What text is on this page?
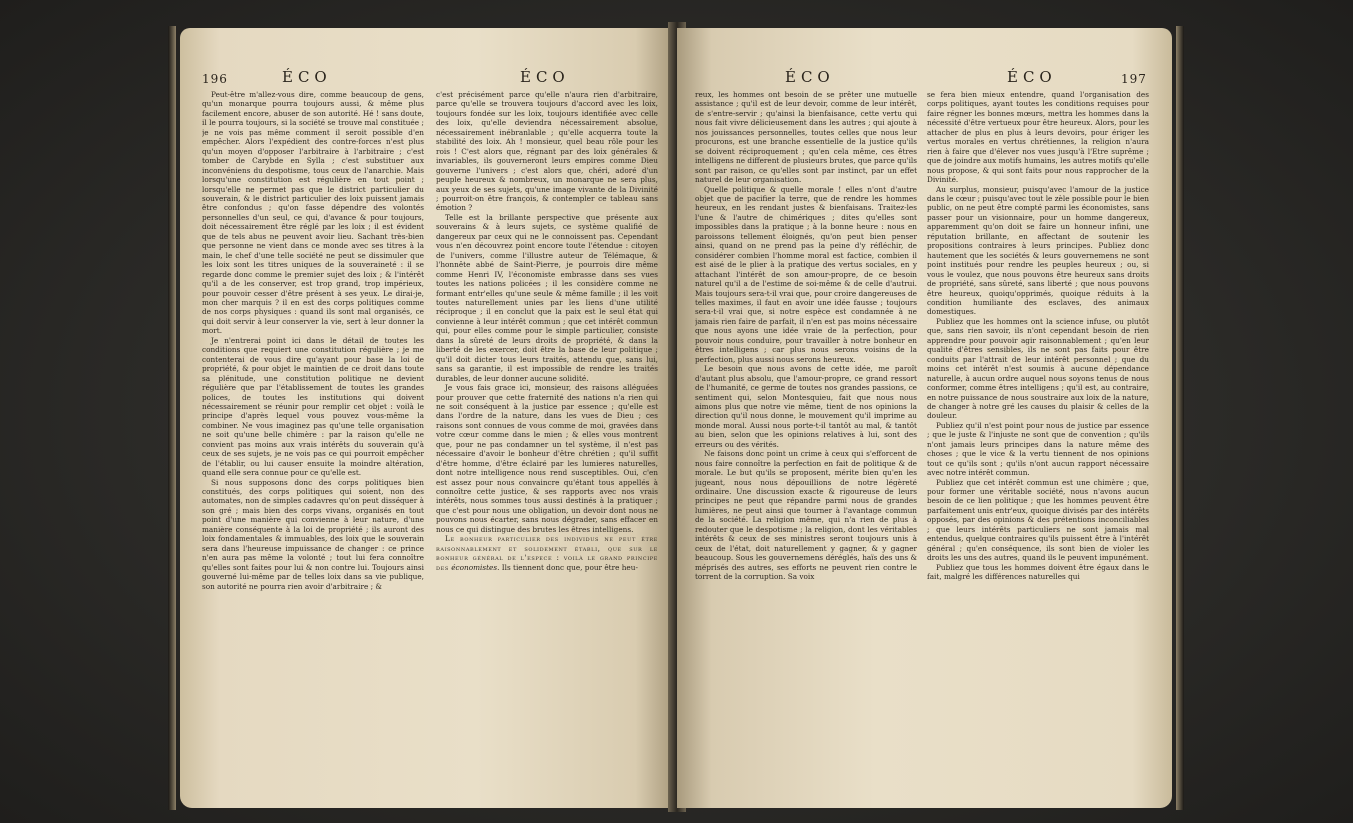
196	ÉCO	ÉCO

Peut-être m'allez-vous dire, comme beaucoup de gens, qu'un monarque pourra toujours aussi, & même plus facilement encore, abuser de son autorité. Hé ! sans doute, il le pourra toujours, si la société se trouve mal constituée ; je ne vois pas même comment il seroit possible d'en empêcher. Alors l'expédient des contre-forces n'est plus qu'un moyen d'opposer l'arbitraire à l'arbitraire ; c'est tomber de Carybde en Sylla ; c'est substituer aux inconvéniens du despotisme, tous ceux de l'anarchie. Mais lorsqu'une constitution est régulière en tout point ; lorsqu'elle ne permet pas que le district particulier du souverain, & le district particulier des loix puissent jamais être confondus ; qu'on fasse dépendre des volontés personnelles d'un seul, ce qui, d'avance & pour toujours, doit nécessairement être réglé par les loix ; il est évident que de tels abus ne peuvent avoir lieu. Sachant très-bien que personne ne vient dans ce monde avec ses titres à la main, le chef d'une telle société ne peut se dissimuler que les loix sont les titres uniques de la souveraineté : il se regarde donc comme le premier sujet des loix ; & l'intérêt qu'il a de les conserver, est trop grand, trop impérieux, pour pouvoir cesser d'être présent à ses yeux. Le dirai-je, mon cher marquis ? il en est des corps politiques comme de nos corps physiques : quand ils sont mal organisés, ce qui doit servir à leur conserver la vie, sert à leur donner la mort.

Je n'entrerai point ici dans le détail de toutes les conditions que requiert une constitution régulière ; je me contenterai de vous dire qu'ayant pour base la loi de propriété, & pour objet le maintien de ce droit dans toute sa plénitude, une constitution politique ne devient régulière que par l'établissement de toutes les grandes polices, de toutes les institutions qui doivent nécessairement se réunir pour remplir cet objet : voilà le principe d'après lequel vous pouvez vous-même la combiner. Ne vous imaginez pas qu'une telle organisation ne soit qu'une belle chimère : par la raison qu'elle ne convient pas moins aux vrais intérêts du souverain qu'à ceux de ses sujets, je ne vois pas ce qui pourroit empêcher de l'établir, ou lui causer ensuite la moindre altération, quand elle sera connue pour ce qu'elle est.

Si nous supposons donc des corps politiques bien constitués, des corps politiques qui soient, non des automates, non de simples cadavres qu'on peut disséquer à son gré ; mais bien des corps vivans, organisés en tout point d'une manière qui convienne à leur nature, d'une manière conséquente à la loi de propriété ; ils auront des loix fondamentales & immuables, des loix que le souverain sera dans l'heureuse impuissance de changer : ce prince n'en aura pas même la volonté ; tout lui fera connoître qu'elles sont faites pour lui & non contre lui. Toujours ainsi gouverné lui-même par de telles loix dans sa vie publique, son autorité ne pourra rien avoir d'arbitraire ; &

c'est précisément parce qu'elle n'aura rien d'arbitraire, parce qu'elle se trouvera toujours d'accord avec les loix, toujours fondée sur les loix, toujours identifiée avec celle des loix, qu'elle deviendra nécessairement absolue, nécessairement inébranlable ; qu'elle acquerra toute la stabilité des loix. Ah ! monsieur, quel beau rôle pour les rois ! C'est alors que, régnant par des loix générales & invariables, ils gouverneront leurs empires comme Dieu gouverne l'univers ; c'est alors que, chéri, adoré d'un peuple heureux & nombreux, un monarque ne sera plus, aux yeux de ses sujets, qu'une image vivante de la Divinité ; pourroit-on être françois, & contempler ce tableau sans émotion ?

Telle est la brillante perspective que présente aux souverains & à leurs sujets, ce système qualifié de dangereux par ceux qui ne le connoissent pas. Cependant vous n'en découvrez point encore toute l'étendue : citoyen de l'univers, comme l'illustre auteur de Télémaque, & l'honnête abbé de Saint-Pierre, je pourrois dire même comme Henri IV, l'économiste embrasse dans ses vues toutes les nations policées ; il les considère comme ne formant entr'elles qu'une seule & même famille ; il les voit toutes naturellement unies par les liens d'une utilité réciproque ; il en conclut que la paix est le seul état qui convienne à leur intérêt commun ; que cet intérêt commun qui, pour elles comme pour le simple particulier, consiste dans la sûreté de leurs droits de propriété, & dans la liberté de les exercer, doit être la base de leur politique ; qu'il doit dicter tous leurs traités, attendu que, sans lui, sans sa garantie, il est impossible de rendre les traités durables, de leur donner aucune solidité.

Je vous fais grace ici, monsieur, des raisons alléguées pour prouver que cette fraternité des nations n'a rien qui ne soit conséquent à la justice par essence ; qu'elle est dans l'ordre de la nature, dans les vues de Dieu ; ces raisons sont connues de vous comme de moi, gravées dans votre cœur comme dans le mien ; & elles vous montrent que, pour ne pas condamner un tel système, il n'est pas nécessaire d'avoir le bonheur d'être chrétien ; qu'il suffit d'être homme, d'être éclairé par les lumieres naturelles, dont notre intelligence nous rend susceptibles. Oui, c'en est assez pour nous convaincre qu'étant tous appellés à connoître cette justice, & ses rapports avec nos vrais intérêts, nous sommes tous aussi destinés à la pratiquer ; que c'est pour nous une obligation, un devoir dont nous ne pouvons nous écarter, sans nous dégrader, sans effacer en nous ce qui distingue des brutes les êtres intelligens.

Le bonheur particulier des individus ne peut être raisonnablement et solidement établi, que sur le bonheur général de l'espece : voilà le grand principe des économistes. Ils tiennent donc que, pour être heu-

ÉCO	ÉCO	197

reux, les hommes ont besoin de se prêter une mutuelle assistance ; qu'il est de leur devoir, comme de leur intérêt, de s'entre-servir ; qu'ainsi la bienfaisance, cette vertu qui nous fait vivre délicieusement dans les autres ; qui ajoute à nos jouissances personnelles, toutes celles que nous leur procurons, est une branche essentielle de la justice qu'ils se doivent réciproquement ; qu'en cela même, ces êtres intelligens ne different de plusieurs brutes, que parce qu'ils sont par raison, ce qu'elles sont par instinct, par un effet naturel de leur organisation.

Quelle politique & quelle morale ! elles n'ont d'autre objet que de pacifier la terre, que de rendre les hommes heureux, en les rendant justes & bienfaisans. Traitez-les l'une & l'autre de chimériques ; dites qu'elles sont impossibles dans la pratique ; à la bonne heure : nous en paroissons tellement éloignés, qu'on peut bien penser ainsi, quand on ne prend pas la peine d'y réfléchir, de considérer combien l'homme moral est factice, combien il est aisé de le plier à la pratique des vertus sociales, en y attachant l'intérêt de son amour-propre, de ce besoin naturel qu'il a de l'estime de soi-même & de celle d'autrui. Mais toujours sera-t-il vrai que, pour croire dangereuses de telles maximes, il faut en avoir une idée fausse ; toujours sera-t-il vrai que, si notre espèce est condamnée à ne jamais rien faire de parfait, il n'en est pas moins nécessaire que nous ayons une idée vraie de la perfection, pour pouvoir nous conduire, pour travailler à notre bonheur en êtres intelligens ; car plus nous serons voisins de la perfection, plus aussi nous serons heureux.

Le besoin que nous avons de cette idée, me paroît d'autant plus absolu, que l'amour-propre, ce grand ressort de l'humanité, ce germe de toutes nos grandes passions, ce sentiment qui, selon Montesquieu, fait que nous nous aimons plus que notre vie même, tient de nos opinions la direction qu'il nous donne, le mouvement qu'il imprime au monde moral. Aussi nous porte-t-il tantôt au mal, & tantôt au bien, selon que les opinions relatives à lui, sont des erreurs ou des vérités.

Ne faisons donc point un crime à ceux qui s'efforcent de nous faire connoître la perfection en fait de politique & de morale. Le but qu'ils se proposent, mérite bien qu'en les jugeant, nous nous dépouillions de notre légèreté ordinaire. Une discussion exacte & rigoureuse de leurs principes ne peut que répandre parmi nous de grandes lumières, ne peut ainsi que tourner à l'avantage commun de la société. La religion même, qui n'a rien de plus à redouter que le despotisme ; la religion, dont les véritables intérêts & ceux de ses ministres seront toujours unis à ceux de l'état, doit naturellement y gagner, & y gagner beaucoup. Sous les gouvernemens déréglés, haïs des uns & méprisés des autres, ses efforts ne peuvent rien contre le torrent de la corruption. Sa voix

se fera bien mieux entendre, quand l'organisation des corps politiques, ayant toutes les conditions requises pour faire régner les bonnes mœurs, mettra les hommes dans la nécessité d'être vertueux pour être heureux. Alors, pour les attacher de plus en plus à leurs devoirs, pour ériger les vertus morales en vertus chrétiennes, la religion n'aura rien à faire que d'élever nos vues jusqu'à l'Etre suprême ; que de joindre aux motifs humains, les autres motifs qu'elle nous propose, & qui sont faits pour nous rapprocher de la Divinité.

Au surplus, monsieur, puisqu'avec l'amour de la justice dans le cœur ; puisqu'avec tout le zèle possible pour le bien public, on ne peut être compté parmi les économistes, sans passer pour un visionnaire, pour un homme dangereux, apparemment qu'on doit se faire un honneur infini, une réputation brillante, en affectant de soutenir les propositions contraires à leurs principes. Publiez donc hautement que les sociétés & leurs gouvernemens ne sont point institués pour rendre les peuples heureux ; ou, si vous le voulez, que nous pouvons être heureux sans droits de propriété, sans sûreté, sans liberté ; que nous pouvons être heureux, quoiqu'opprimés, quoique réduits à la condition humiliante des esclaves, des animaux domestiques.

Publiez que les hommes ont la science infuse, ou plutôt que, sans rien savoir, ils n'ont cependant besoin de rien apprendre pour pouvoir agir raisonnablement ; qu'en leur qualité d'êtres sensibles, ils ne sont pas faits pour être conduits par l'attrait de leur intérêt personnel ; que du moins cet intérêt n'est soumis à aucune dépendance naturelle, à aucun ordre auquel nous soyons tenus de nous conformer, comme êtres intelligens ; qu'il est, au contraire, en notre puissance de nous soustraire aux loix de la nature, de changer à notre gré les causes du plaisir & celles de la douleur.

Publiez qu'il n'est point pour nous de justice par essence ; que le juste & l'injuste ne sont que de convention ; qu'ils n'ont jamais leurs principes dans la nature même des choses ; que le vice & la vertu tiennent de nos opinions tout ce qu'ils sont ; qu'ils n'ont aucun rapport nécessaire avec notre intérêt commun.

Publiez que cet intérêt commun est une chimère ; que, pour former une véritable société, nous n'avons aucun besoin de ce lien politique ; que les hommes peuvent être parfaitement unis entr'eux, quoique divisés par des intérêts opposés, par des opinions & des prétentions inconciliables ; que leurs intérêts particuliers ne sont jamais mal entendus, quelque contraires qu'ils puissent être à l'intérêt général ; qu'en conséquence, ils sont bien de violer les droits les uns des autres, quand ils le peuvent impunément.

Publiez que tous les hommes doivent être égaux dans le fait, malgré les différences naturelles qui
